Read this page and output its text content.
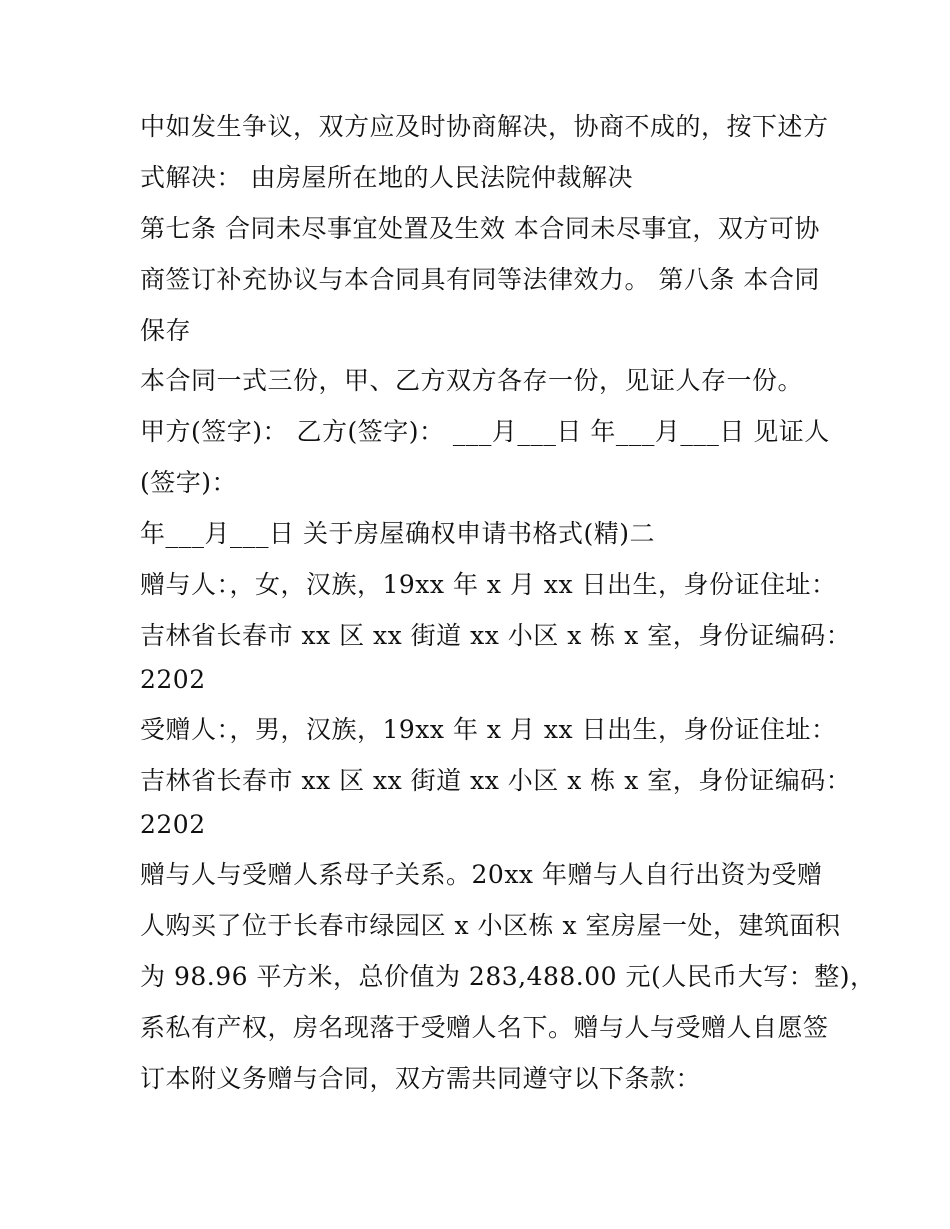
中如发生争议，双方应及时协商解决，协商不成的，按下述方
式解决： 由房屋所在地的人民法院仲裁解决
第七条 合同未尽事宜处置及生效 本合同未尽事宜，双方可协
商签订补充协议与本合同具有同等法律效力。 第八条 本合同
保存
本合同一式三份，甲、乙方双方各存一份，见证人存一份。
甲方(签字)： 乙方(签字)： ___月___日 年___月___日 见证人
(签字)：
年___月___日 关于房屋确权申请书格式(精)二
赠与人：，女，汉族，19xx 年 x 月 xx 日出生，身份证住址：
吉林省长春市 xx 区 xx 街道 xx 小区 x 栋 x 室，身份证编码：
2202
受赠人：，男，汉族，19xx 年 x 月 xx 日出生，身份证住址：
吉林省长春市 xx 区 xx 街道 xx 小区 x 栋 x 室，身份证编码：
2202
赠与人与受赠人系母子关系。20xx 年赠与人自行出资为受赠
人购买了位于长春市绿园区 x 小区栋 x 室房屋一处，建筑面积
为 98.96 平方米，总价值为 283,488.00 元(人民币大写：整)，
系私有产权，房名现落于受赠人名下。赠与人与受赠人自愿签
订本附义务赠与合同，双方需共同遵守以下条款：
